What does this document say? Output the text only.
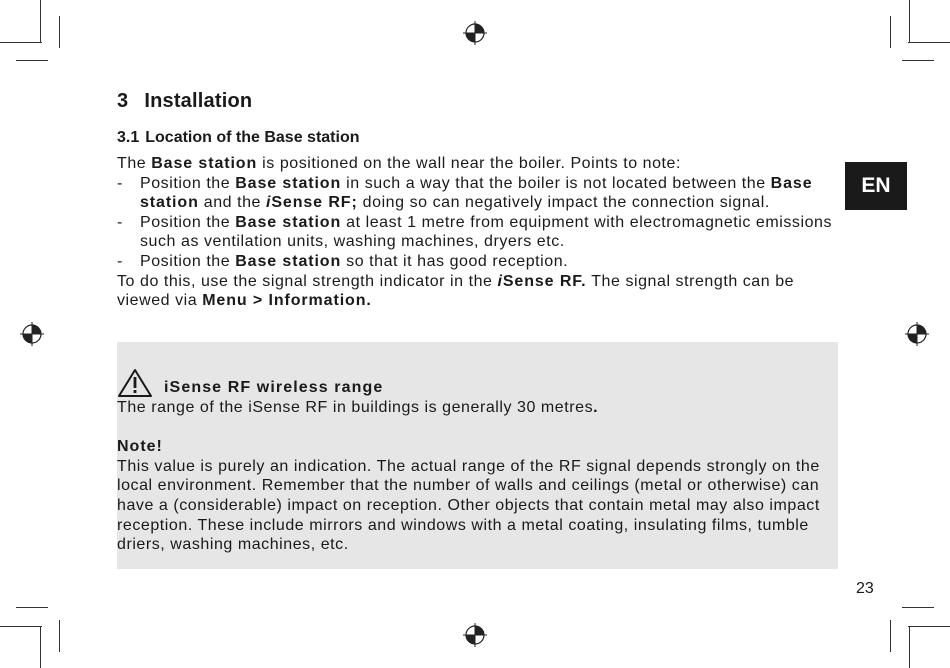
3 Installation
3.1 Location of the Base station

The Base station is positioned on the wall near the boiler. Points to note:

- Position the Base station in such a way that the boiler is not located between the Base station and the iSense RF; doing so can negatively impact the connection signal.

- Position the Base station at least 1 metre from equipment with electromagnetic emissions such as ventilation units, washing machines, dryers etc.

- Position the Base station so that it has good reception.

To do this, use the signal strength indicator in the iSense RF. The signal strength can be viewed via Menu > Information.

iSense RF wireless range

The range of the iSense RF in buildings is generally 30 metres.

Note!

This value is purely an indication. The actual range of the RF signal depends strongly on the local environment. Remember that the number of walls and ceilings (metal or otherwise) can have a (considerable) impact on reception. Other objects that contain metal may also impact reception. These include mirrors and windows with a metal coating, insulating films, tumble driers, washing machines, etc.

EN
23
